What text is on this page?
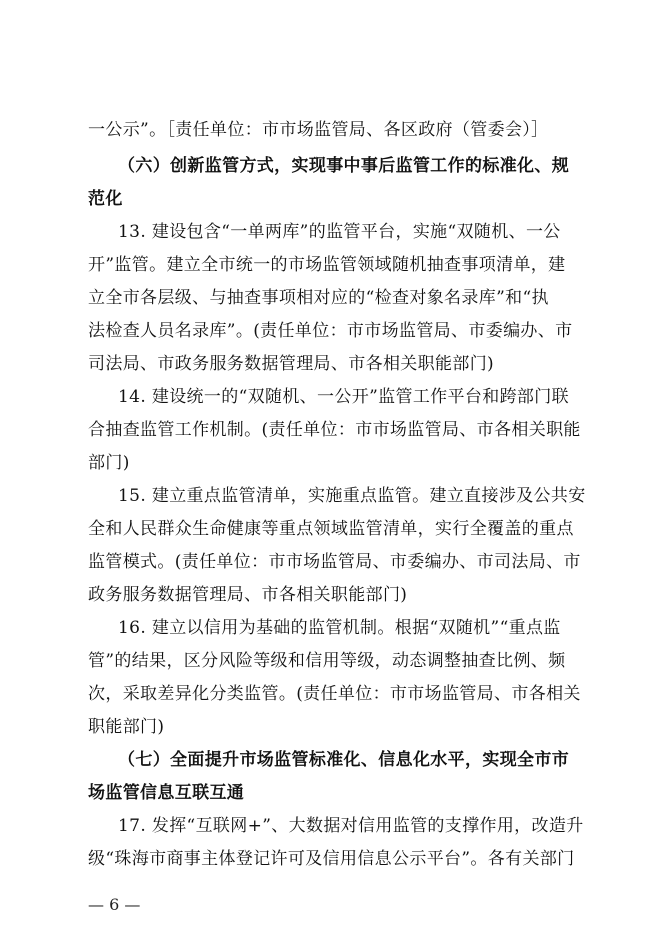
一公示”。［责任单位：市市场监管局、各区政府（管委会）］
（六）创新监管方式，实现事中事后监管工作的标准化、规
范化
13. 建设包含“一单两库”的监管平台，实施“双随机、一公
开”监管。建立全市统一的市场监管领域随机抽查事项清单，建
立全市各层级、与抽查事项相对应的“检查对象名录库”和“执
法检查人员名录库”。(责任单位：市市场监管局、市委编办、市
司法局、市政务服务数据管理局、市各相关职能部门)
14. 建设统一的“双随机、一公开”监管工作平台和跨部门联
合抽查监管工作机制。(责任单位：市市场监管局、市各相关职能
部门)
15. 建立重点监管清单，实施重点监管。建立直接涉及公共安
全和人民群众生命健康等重点领域监管清单，实行全覆盖的重点
监管模式。(责任单位：市市场监管局、市委编办、市司法局、市
政务服务数据管理局、市各相关职能部门)
16. 建立以信用为基础的监管机制。根据“双随机”“重点监
管”的结果，区分风险等级和信用等级，动态调整抽查比例、频
次，采取差异化分类监管。(责任单位：市市场监管局、市各相关
职能部门)
（七）全面提升市场监管标准化、信息化水平，实现全市市
场监管信息互联互通
17. 发挥“互联网+”、大数据对信用监管的支撑作用，改造升
级“珠海市商事主体登记许可及信用信息公示平台”。各有关部门
— 6 —
